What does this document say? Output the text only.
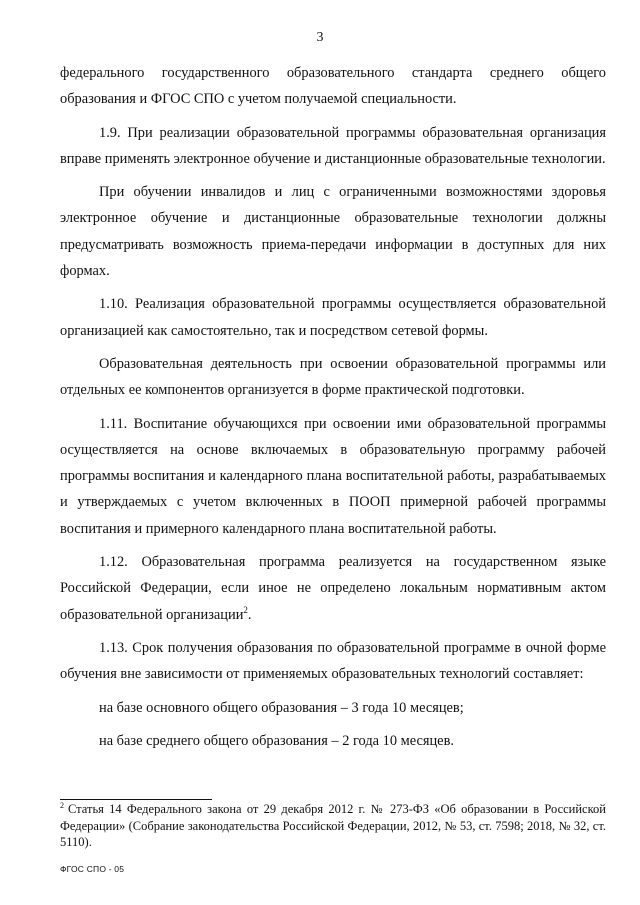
3

федерального государственного образовательного стандарта среднего общего образования и ФГОС СПО с учетом получаемой специальности.

1.9. При реализации образовательной программы образовательная организация вправе применять электронное обучение и дистанционные образовательные технологии.

При обучении инвалидов и лиц с ограниченными возможностями здоровья электронное обучение и дистанционные образовательные технологии должны предусматривать возможность приема-передачи информации в доступных для них формах.

1.10. Реализация образовательной программы осуществляется образовательной организацией как самостоятельно, так и посредством сетевой формы.

Образовательная деятельность при освоении образовательной программы или отдельных ее компонентов организуется в форме практической подготовки.

1.11. Воспитание обучающихся при освоении ими образовательной программы осуществляется на основе включаемых в образовательную программу рабочей программы воспитания и календарного плана воспитательной работы, разрабатываемых и утверждаемых с учетом включенных в ПООП примерной рабочей программы воспитания и примерного календарного плана воспитательной работы.

1.12. Образовательная программа реализуется на государственном языке Российской Федерации, если иное не определено локальным нормативным актом образовательной организации$^2$.

1.13. Срок получения образования по образовательной программе в очной форме обучения вне зависимости от применяемых образовательных технологий составляет:

на базе основного общего образования – 3 года 10 месяцев;

на базе среднего общего образования – 2 года 10 месяцев.

$^2$ Статья 14 Федерального закона от 29 декабря 2012 г. № 273-ФЗ «Об образовании в Российской Федерации» (Собрание законодательства Российской Федерации, 2012, № 53, ст. 7598; 2018, № 32, ст. 5110).
ФГОС СПО - 05
